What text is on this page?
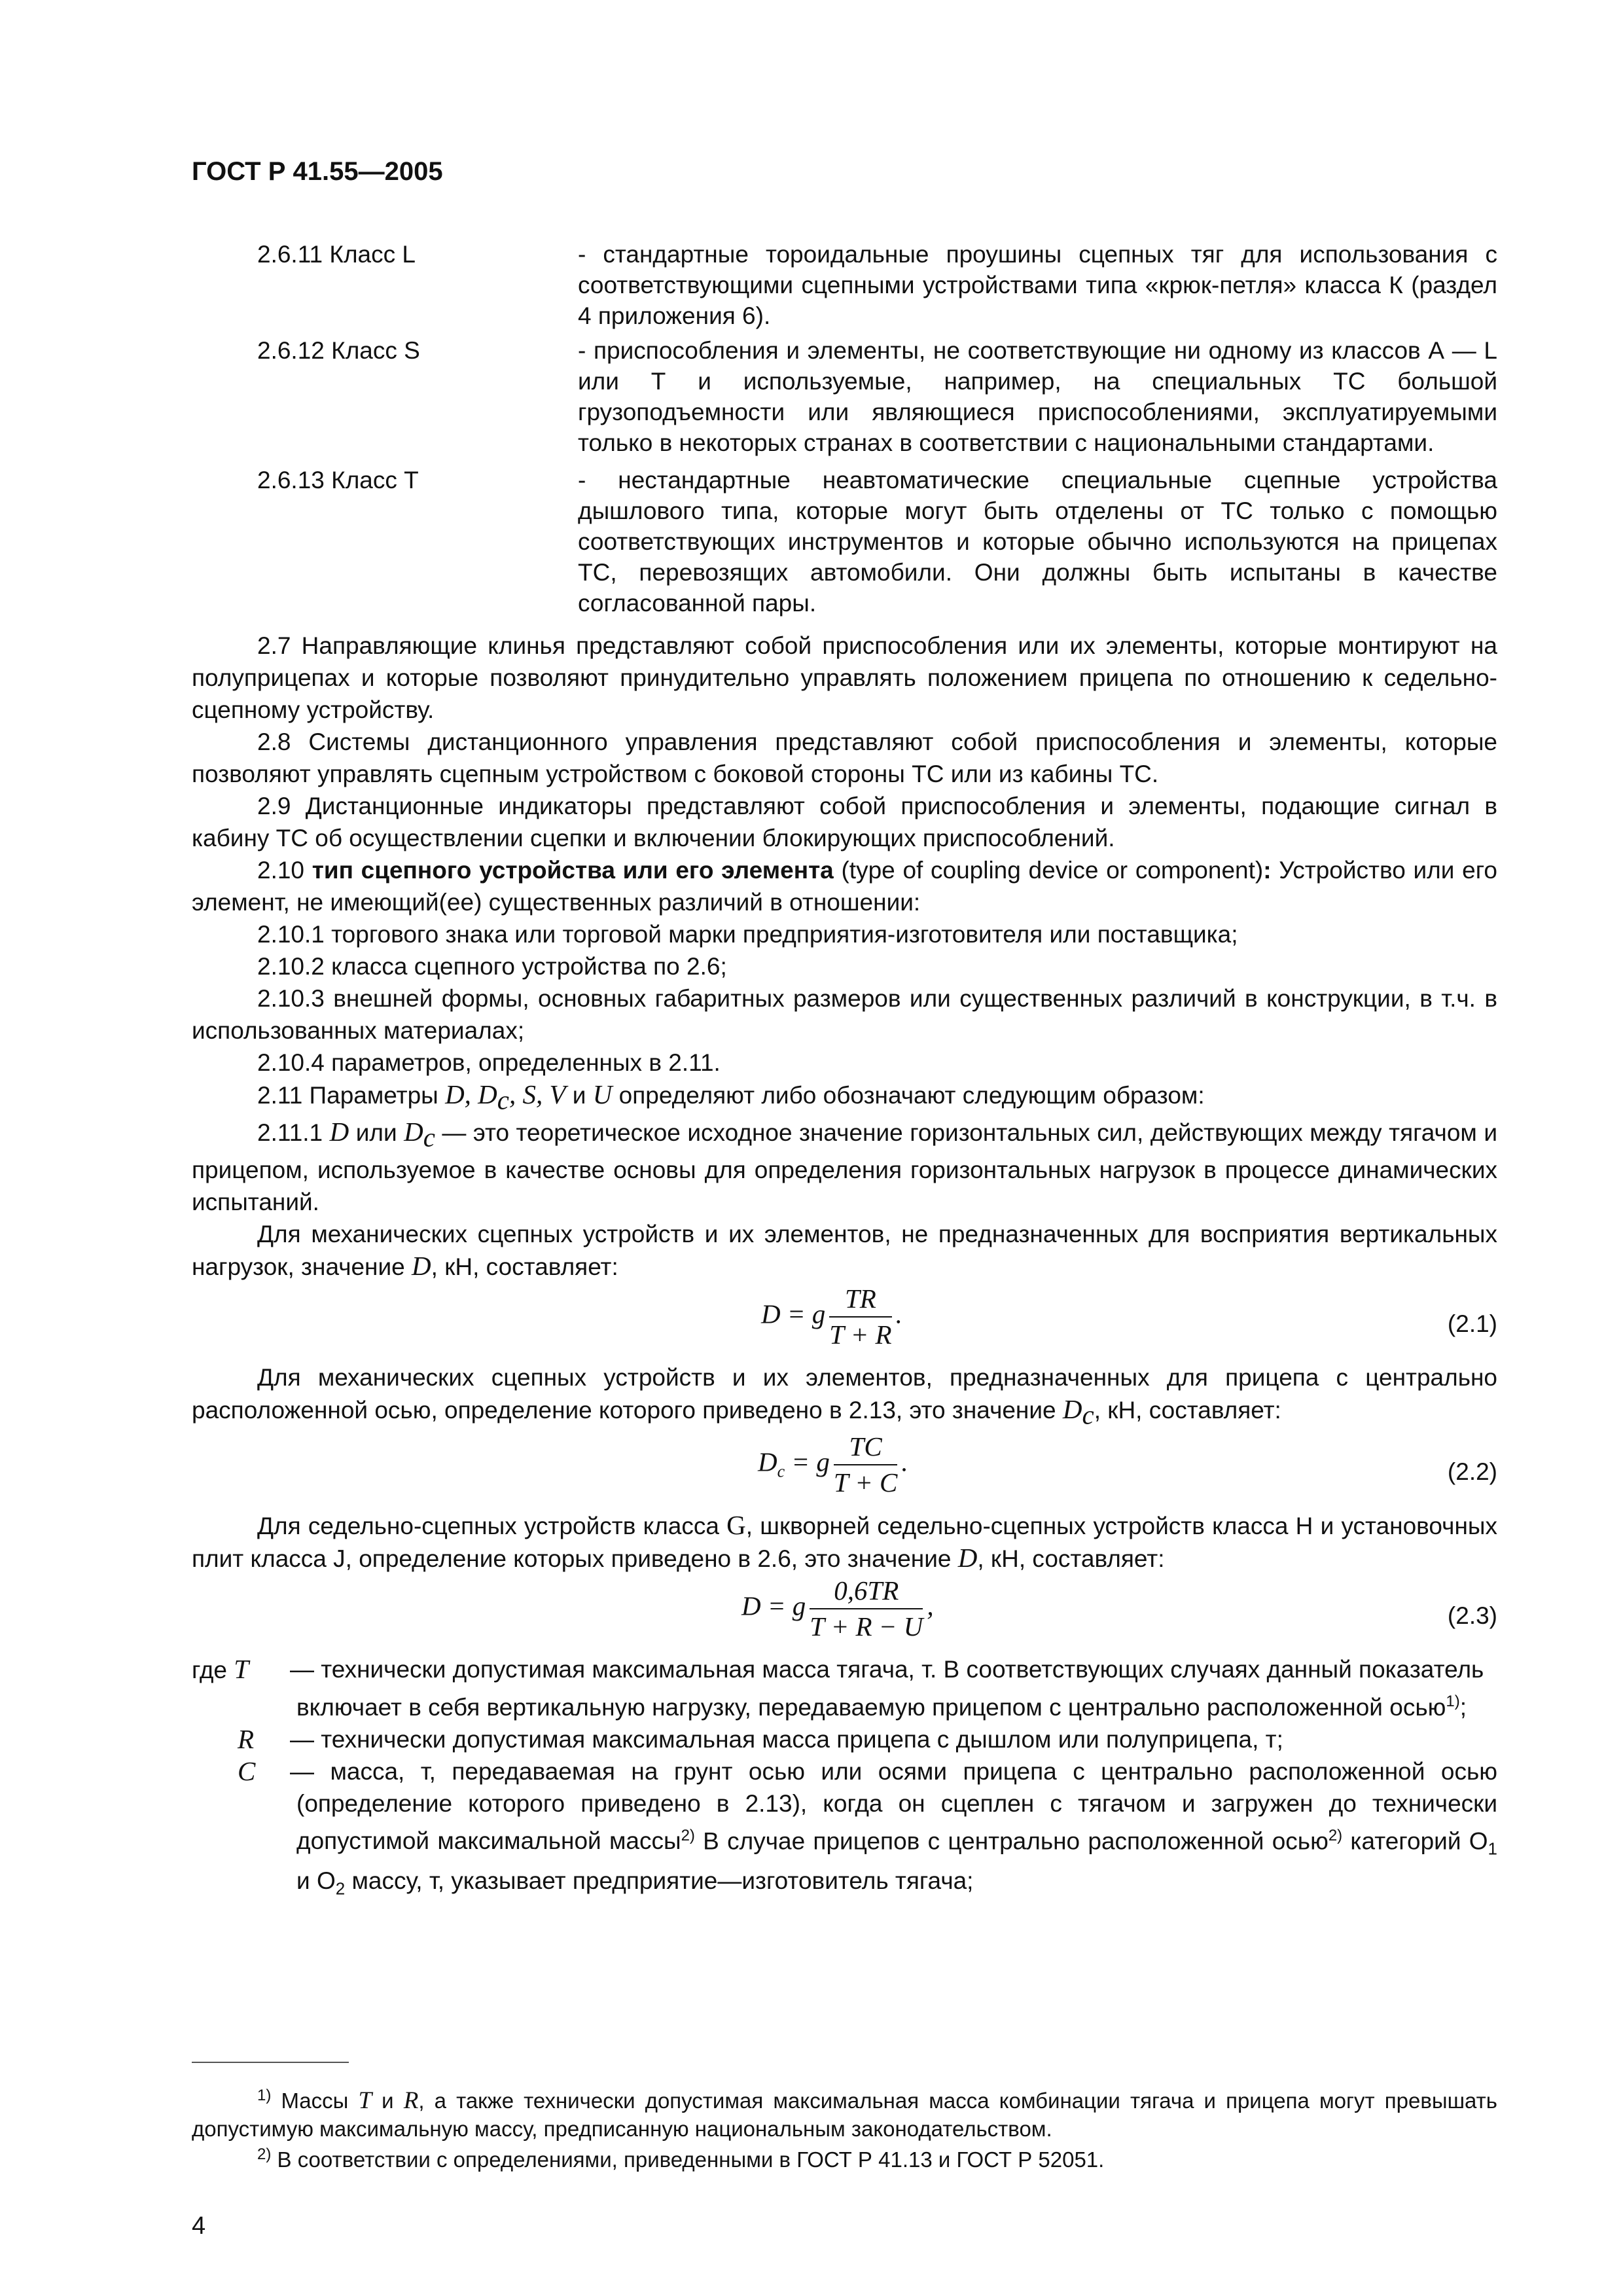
ГОСТ Р 41.55—2005
2.6.11 Класс L	- стандартные тороидальные проушины сцепных тяг для использования с соответствующими сцепными устройствами типа «крюк-петля» класса К (раздел 4 приложения 6).
2.6.12 Класс S	- приспособления и элементы, не соответствующие ни одному из классов А — L или Т и используемые, например, на специальных ТС большой грузоподъемности или являющиеся приспособлениями, эксплуатируемыми только в некоторых странах в соответствии с национальными стандартами.
2.6.13 Класс Т	- нестандартные неавтоматические специальные сцепные устройства дышлового типа, которые могут быть отделены от ТС только с помощью соответствующих инструментов и которые обычно используются на прицепах ТС, перевозящих автомобили. Они должны быть испытаны в качестве согласованной пары.

2.7 Направляющие клинья представляют собой приспособления или их элементы, которые монтируют на полуприцепах и которые позволяют принудительно управлять положением прицепа по отношению к седельно-сцепному устройству.

2.8 Системы дистанционного управления представляют собой приспособления и элементы, которые позволяют управлять сцепным устройством с боковой стороны ТС или из кабины ТС.

2.9 Дистанционные индикаторы представляют собой приспособления и элементы, подающие сигнал в кабину ТС об осуществлении сцепки и включении блокирующих приспособлений.

2.10 тип сцепного устройства или его элемента (type of coupling device or component): Устройство или его элемент, не имеющий(ее) существенных различий в отношении:

2.10.1 торгового знака или торговой марки предприятия-изготовителя или поставщика;

2.10.2 класса сцепного устройства по 2.6;

2.10.3 внешней формы, основных габаритных размеров или существенных различий в конструкции, в т.ч. в использованных материалах;

2.10.4 параметров, определенных в 2.11.

2.11 Параметры D, $D_c$, S, V и U определяют либо обозначают следующим образом:

2.11.1 D или $D_c$ — это теоретическое исходное значение горизонтальных сил, действующих между тягачом и прицепом, используемое в качестве основы для определения горизонтальных нагрузок в процессе динамических испытаний.

Для механических сцепных устройств и их элементов, не предназначенных для восприятия вертикальных нагрузок, значение D, кН, составляет:

D = g $\frac{TR}{T + R}$ .	(2.1)

Для механических сцепных устройств и их элементов, предназначенных для прицепа с центрально расположенной осью, определение которого приведено в 2.13, это значение $D_c$, кН, составляет:

$D_c = g \frac{TC}{T + C}$ .	(2.2)

Для седельно-сцепных устройств класса G, шкворней седельно-сцепных устройств класса Н и установочных плит класса J, определение которых приведено в 2.6, это значение D, кН, составляет:

D = g $\frac{0,6TR}{T + R - U}$ ,	(2.3)
где T — технически допустимая максимальная масса тягача, т. В соответствующих случаях данный показатель включает в себя вертикальную нагрузку, передаваемую прицепом с центрально расположенной осью$^{1)}$;

R — технически допустимая максимальная масса прицепа с дышлом или полуприцепа, т;

C — масса, т, передаваемая на грунт осью или осями прицепа с центрально расположенной осью (определение которого приведено в 2.13), когда он сцеплен с тягачом и загружен до технически допустимой максимальной массы$^{2)}$ В случае прицепов с центрально расположенной осью$^{2)}$ категорий $О_1$ и $О_2$ массу, т, указывает предприятие—изготовитель тягача;

$^{1)}$ Массы T и R, а также технически допустимая максимальная масса комбинации тягача и прицепа могут превышать допустимую максимальную массу, предписанную национальным законодательством.
$^{2)}$ В соответствии с определениями, приведенными в ГОСТ Р 41.13 и ГОСТ Р 52051.
4
